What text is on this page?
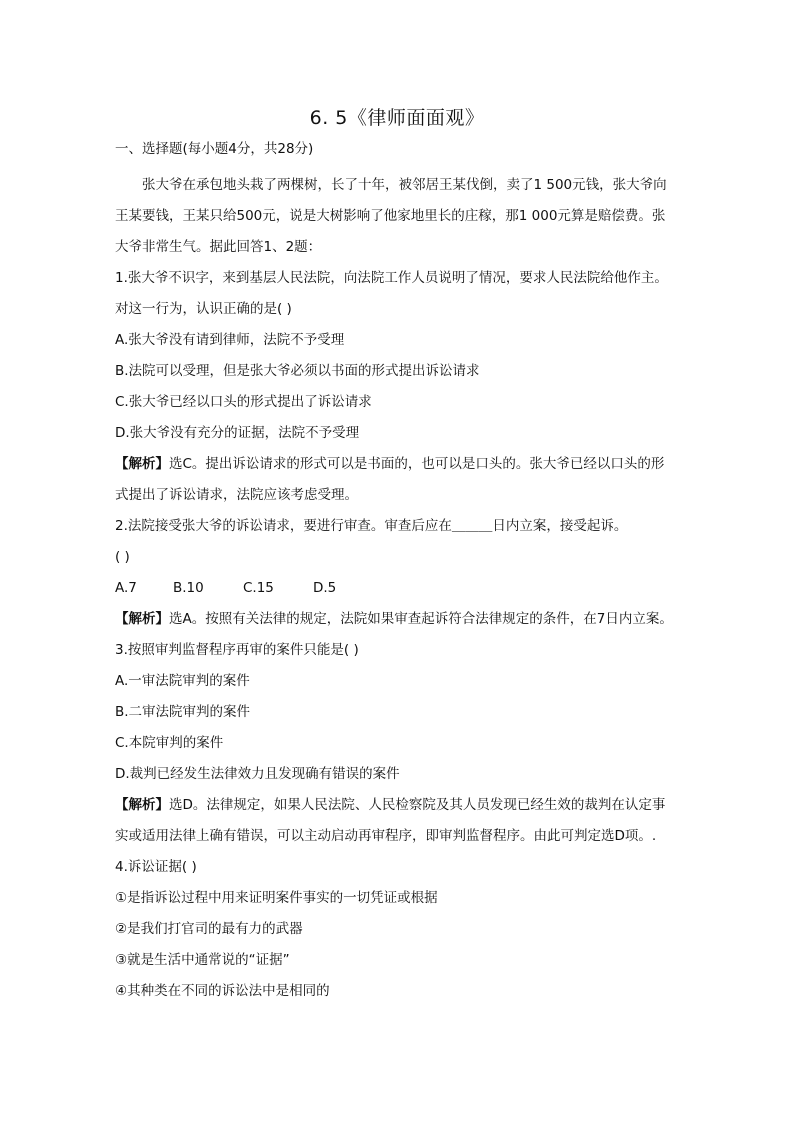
6. 5《律师面面观》
一、选择题(每小题4分，共28分)
张大爷在承包地头栽了两棵树，长了十年，被邻居王某伐倒，卖了1 500元钱，张大爷向
王某要钱，王某只给500元，说是大树影响了他家地里长的庄稼，那1 000元算是赔偿费。张
大爷非常生气。据此回答1、2题：
1.张大爷不识字，来到基层人民法院，向法院工作人员说明了情况，要求人民法院给他作主。
对这一行为，认识正确的是( )
A.张大爷没有请到律师，法院不予受理
B.法院可以受理，但是张大爷必须以书面的形式提出诉讼请求
C.张大爷已经以口头的形式提出了诉讼请求
D.张大爷没有充分的证据，法院不予受理
【解析】选C。提出诉讼请求的形式可以是书面的，也可以是口头的。张大爷已经以口头的形
式提出了诉讼请求，法院应该考虑受理。
2.法院接受张大爷的诉讼请求，要进行审查。审查后应在＿＿＿日内立案，接受起诉。
( )
A.7	B.10	C.15	D.5
【解析】选A。按照有关法律的规定，法院如果审查起诉符合法律规定的条件，在7日内立案。
3.按照审判监督程序再审的案件只能是( )
A.一审法院审判的案件
B.二审法院审判的案件
C.本院审判的案件
D.裁判已经发生法律效力且发现确有错误的案件
【解析】选D。法律规定，如果人民法院、人民检察院及其人员发现已经生效的裁判在认定事
实或适用法律上确有错误，可以主动启动再审程序，即审判监督程序。由此可判定选D项。.
4.诉讼证据( )
①是指诉讼过程中用来证明案件事实的一切凭证或根据
②是我们打官司的最有力的武器
③就是生活中通常说的“证据”
④其种类在不同的诉讼法中是相同的
